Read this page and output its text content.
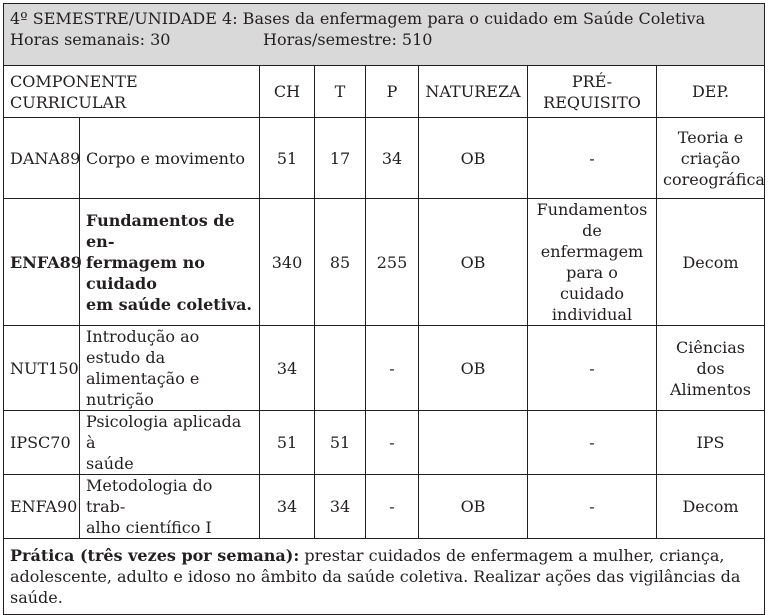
4º SEMESTRE/UNIDADE 4: Bases da enfermagem para o cuidado em Saúde Coletiva
Horas semanais: 30 Horas/semestre: 510							

COMPONENTE CURRICULAR		CH	T	P	NATUREZA	PRÉ-
REQUISITO	DEP.
DANA89	Corpo e movimento	51	17	34	OB	-	Teoria e
criação
coreográfica

ENFA89	Fundamentos de en-
fermagem no cuidado
em saúde coletiva.	340	85	255	OB	Fundamentos
de enfermagem
para o cuidado
individual	Decom
NUT150	Introdução ao estudo da
alimentação e nutrição	34		-	OB	-	Ciências dos
Alimentos

IPSC70	Psicologia aplicada à
saúde	51	51	-		-	IPS
ENFA90	Metodologia do trab-
alho científico I	34	34	-	OB	-	Decom
Prática (três vezes por semana): prestar cuidados de enfermagem a mulher, criança, adolescente, adulto e idoso no âmbito da saúde coletiva. Realizar ações das vigilâncias da saúde.							
